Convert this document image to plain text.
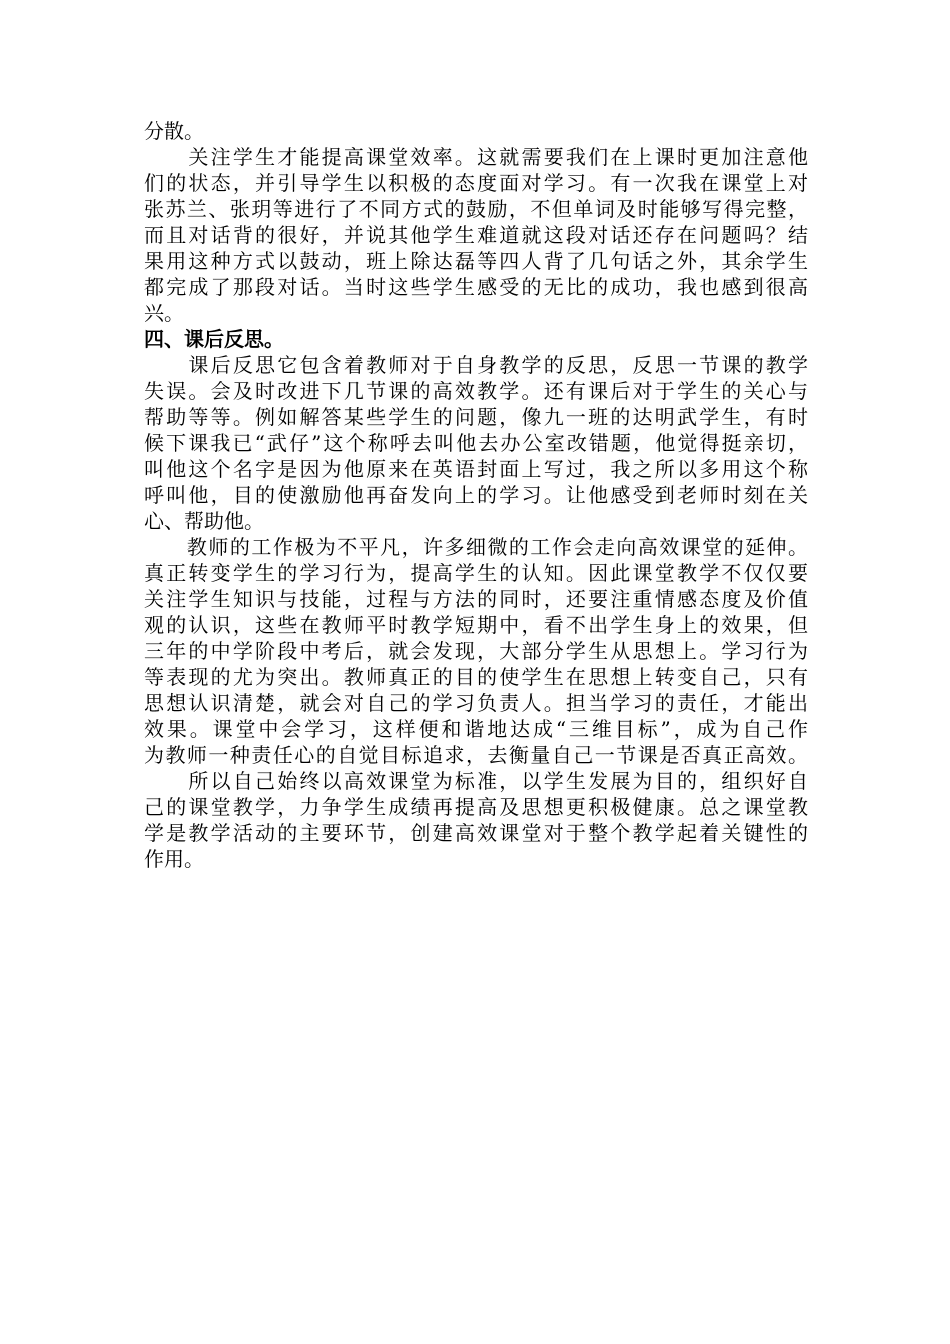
分散。
　　关注学生才能提高课堂效率。这就需要我们在上课时更加注意他
们的状态，并引导学生以积极的态度面对学习。有一次我在课堂上对
张苏兰、张玥等进行了不同方式的鼓励，不但单词及时能够写得完整，
而且对话背的很好，并说其他学生难道就这段对话还存在问题吗？结
果用这种方式以鼓动，班上除达磊等四人背了几句话之外，其余学生
都完成了那段对话。当时这些学生感受的无比的成功，我也感到很高
兴。
四、课后反思。
　　课后反思它包含着教师对于自身教学的反思，反思一节课的教学
失误。会及时改进下几节课的高效教学。还有课后对于学生的关心与
帮助等等。例如解答某些学生的问题，像九一班的达明武学生，有时
候下课我已“武仔”这个称呼去叫他去办公室改错题，他觉得挺亲切，
叫他这个名字是因为他原来在英语封面上写过，我之所以多用这个称
呼叫他，目的使激励他再奋发向上的学习。让他感受到老师时刻在关
心、帮助他。
　　教师的工作极为不平凡，许多细微的工作会走向高效课堂的延伸。
真正转变学生的学习行为，提高学生的认知。因此课堂教学不仅仅要
关注学生知识与技能，过程与方法的同时，还要注重情感态度及价值
观的认识，这些在教师平时教学短期中，看不出学生身上的效果，但
三年的中学阶段中考后，就会发现，大部分学生从思想上。学习行为
等表现的尤为突出。教师真正的目的使学生在思想上转变自己，只有
思想认识清楚，就会对自己的学习负责人。担当学习的责任，才能出
效果。课堂中会学习，这样便和谐地达成“三维目标”，成为自己作
为教师一种责任心的自觉目标追求，去衡量自己一节课是否真正高效。
　　所以自己始终以高效课堂为标准，以学生发展为目的，组织好自
己的课堂教学，力争学生成绩再提高及思想更积极健康。总之课堂教
学是教学活动的主要环节，创建高效课堂对于整个教学起着关键性的
作用。
